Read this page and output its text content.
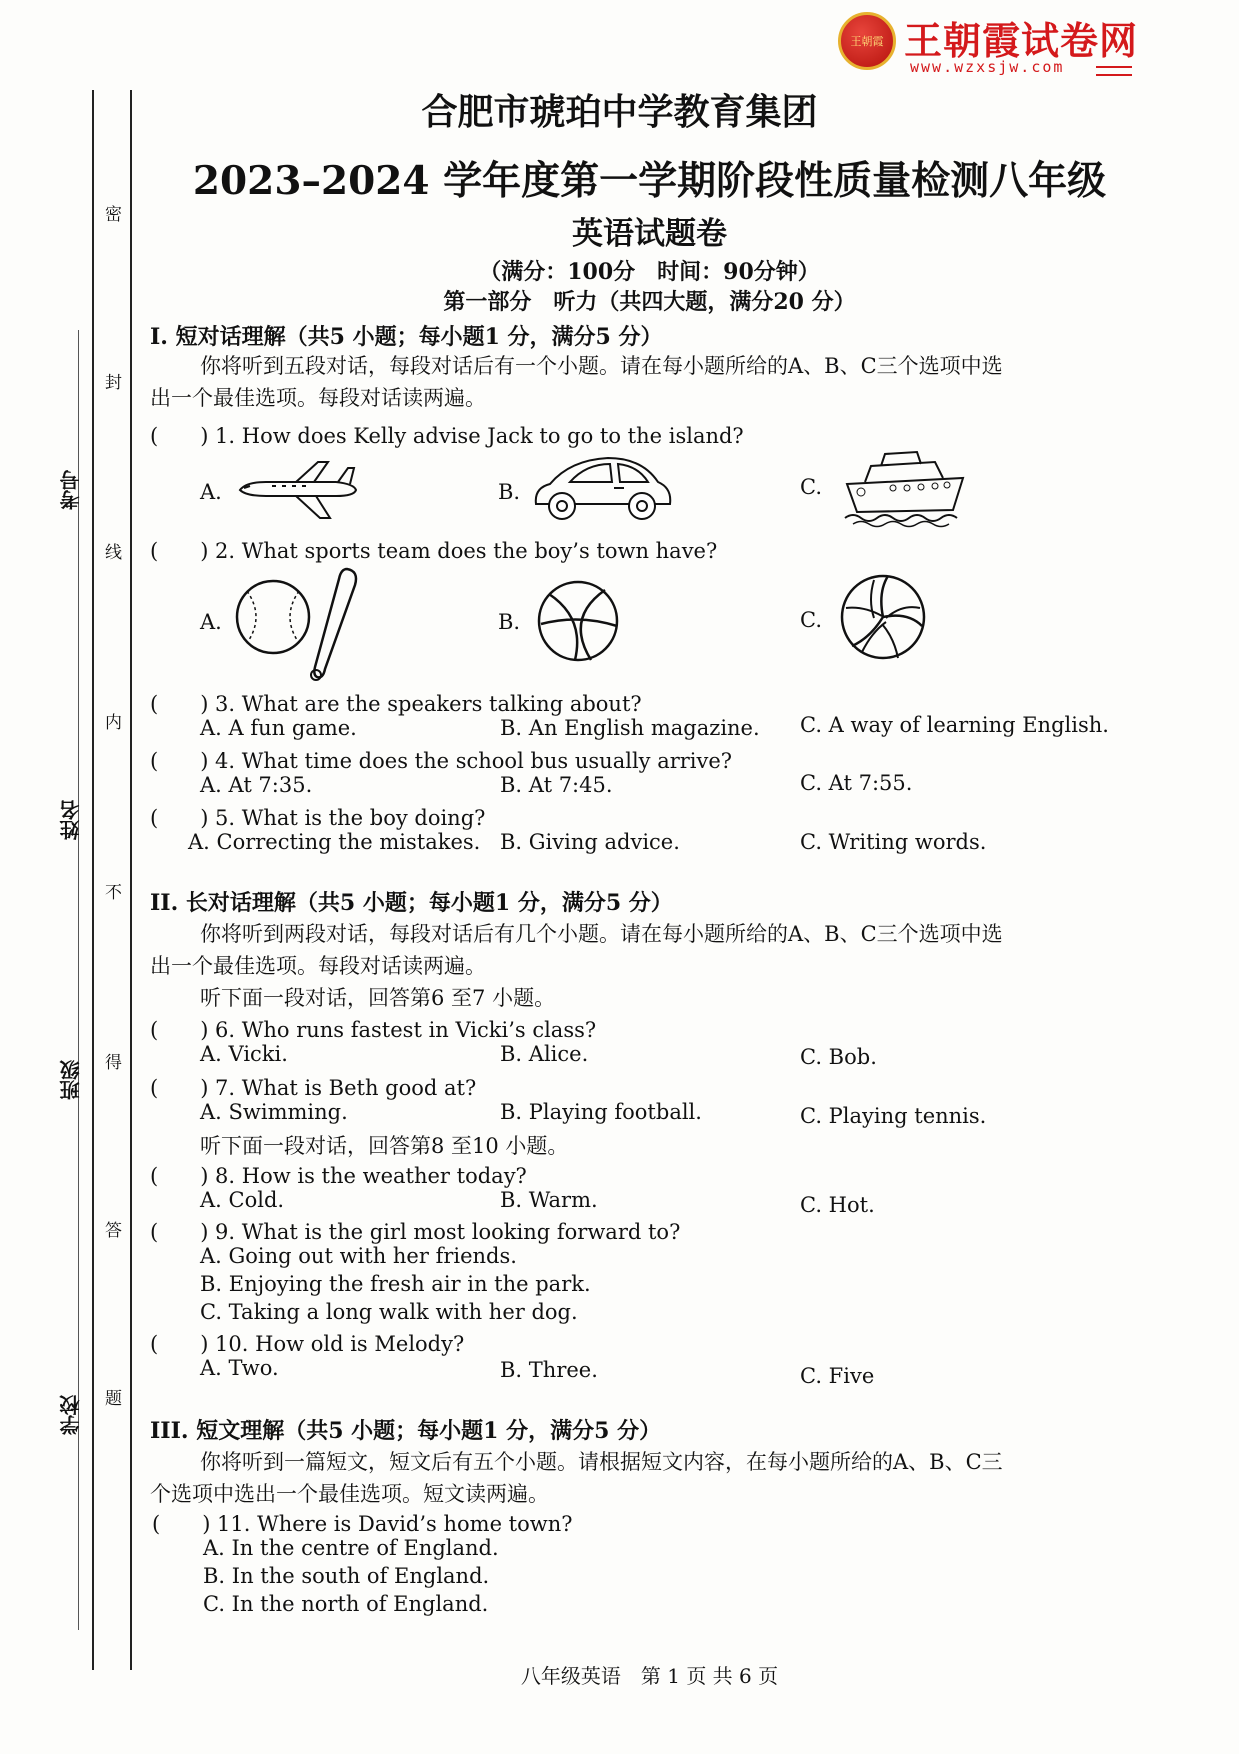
王朝霞 王朝霞试卷网
www.wzxsjw.com
密
封
线
内
不
得
答
题
考号
姓名
班级
学校
合肥市琥珀中学教育集团
2023–2024 学年度第一学期阶段性质量检测八年级
英语试题卷
（满分：100分　时间：90分钟）
第一部分　听力（共四大题，满分20 分）
I. 短对话理解（共5 小题；每小题1 分，满分5 分）
你将听到五段对话，每段对话后有一个小题。请在每小题所给的A、B、C三个选项中选
出一个最佳选项。每段对话读两遍。
(　　) 1. How does Kelly advise Jack to go to the island?
A.	B.	C.
(　　) 2. What sports team does the boy’s town have?
A.	B.	C.
(　　) 3. What are the speakers talking about?
A. A fun game.	B. An English magazine. C. A way of learning English.
(　　) 4. What time does the school bus usually arrive?
A. At 7:35.	B. At 7:45.	C. At 7:55.
(　　) 5. What is the boy doing?
A. Correcting the mistakes. B. Giving advice.	C. Writing words.
II. 长对话理解（共5 小题；每小题1 分，满分5 分）
你将听到两段对话，每段对话后有几个小题。请在每小题所给的A、B、C三个选项中选
出一个最佳选项。每段对话读两遍。
听下面一段对话，回答第6 至7 小题。
(　　) 6. Who runs fastest in Vicki’s class?
A. Vicki.	B. Alice.	C. Bob.
(　　) 7. What is Beth good at?
A. Swimming.	B. Playing football.	C. Playing tennis.
听下面一段对话，回答第8 至10 小题。
(　　) 8. How is the weather today?
A. Cold.	B. Warm.	C. Hot.
(　　) 9. What is the girl most looking forward to?
A. Going out with her friends.
B. Enjoying the fresh air in the park.
C. Taking a long walk with her dog.
(　　) 10. How old is Melody?
A. Two.	B. Three.	C. Five
III. 短文理解（共5 小题；每小题1 分，满分5 分）
你将听到一篇短文，短文后有五个小题。请根据短文内容，在每小题所给的A、B、C三
个选项中选出一个最佳选项。短文读两遍。
(　　) 11. Where is David’s home town?
A. In the centre of England.
B. In the south of England.
C. In the north of England.
八年级英语　第 1 页 共 6 页
